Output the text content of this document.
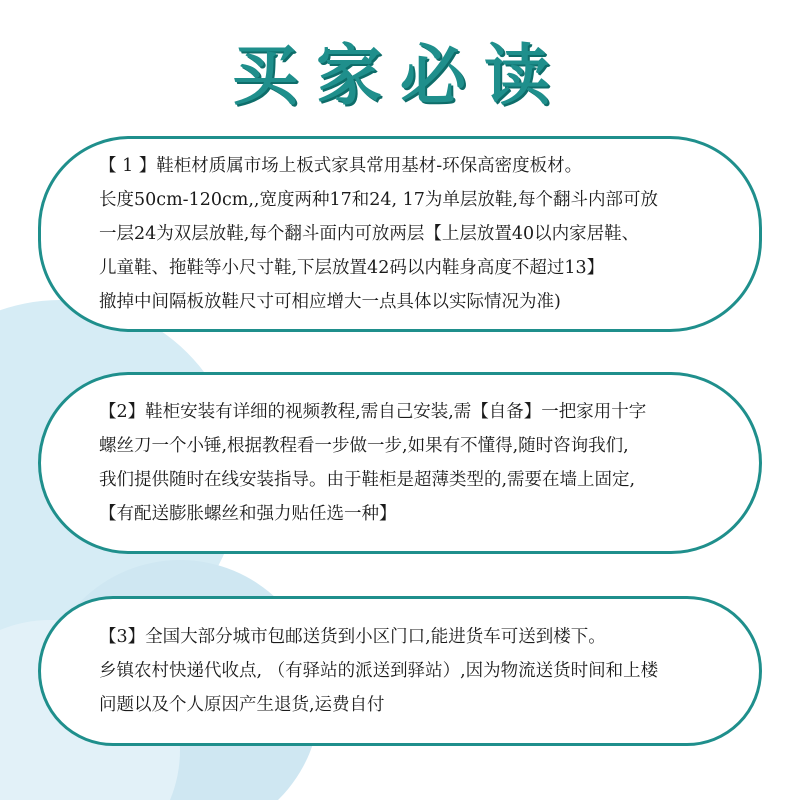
买家必读
【 1 】鞋柜材质属市场上板式家具常用基材-环保高密度板材。
长度50cm-120cm,,宽度两种17和24, 17为单层放鞋,每个翻斗内部可放
一层24为双层放鞋,每个翻斗面内可放两层【上层放置40以内家居鞋、
儿童鞋、拖鞋等小尺寸鞋,下层放置42码以内鞋身高度不超过13】
撤掉中间隔板放鞋尺寸可相应增大一点具体以实际情况为准)
【2】鞋柜安装有详细的视频教程,需自己安装,需【自备】一把家用十字
螺丝刀一个小锤,根据教程看一步做一步,如果有不懂得,随时咨询我们,
我们提供随时在线安装指导。由于鞋柜是超薄类型的,需要在墙上固定,
【有配送膨胀螺丝和强力贴任选一种】
【3】全国大部分城市包邮送货到小区门口,能进货车可送到楼下。
乡镇农村快递代收点, （有驿站的派送到驿站）,因为物流送货时间和上楼
问题以及个人原因产生退货,运费自付
